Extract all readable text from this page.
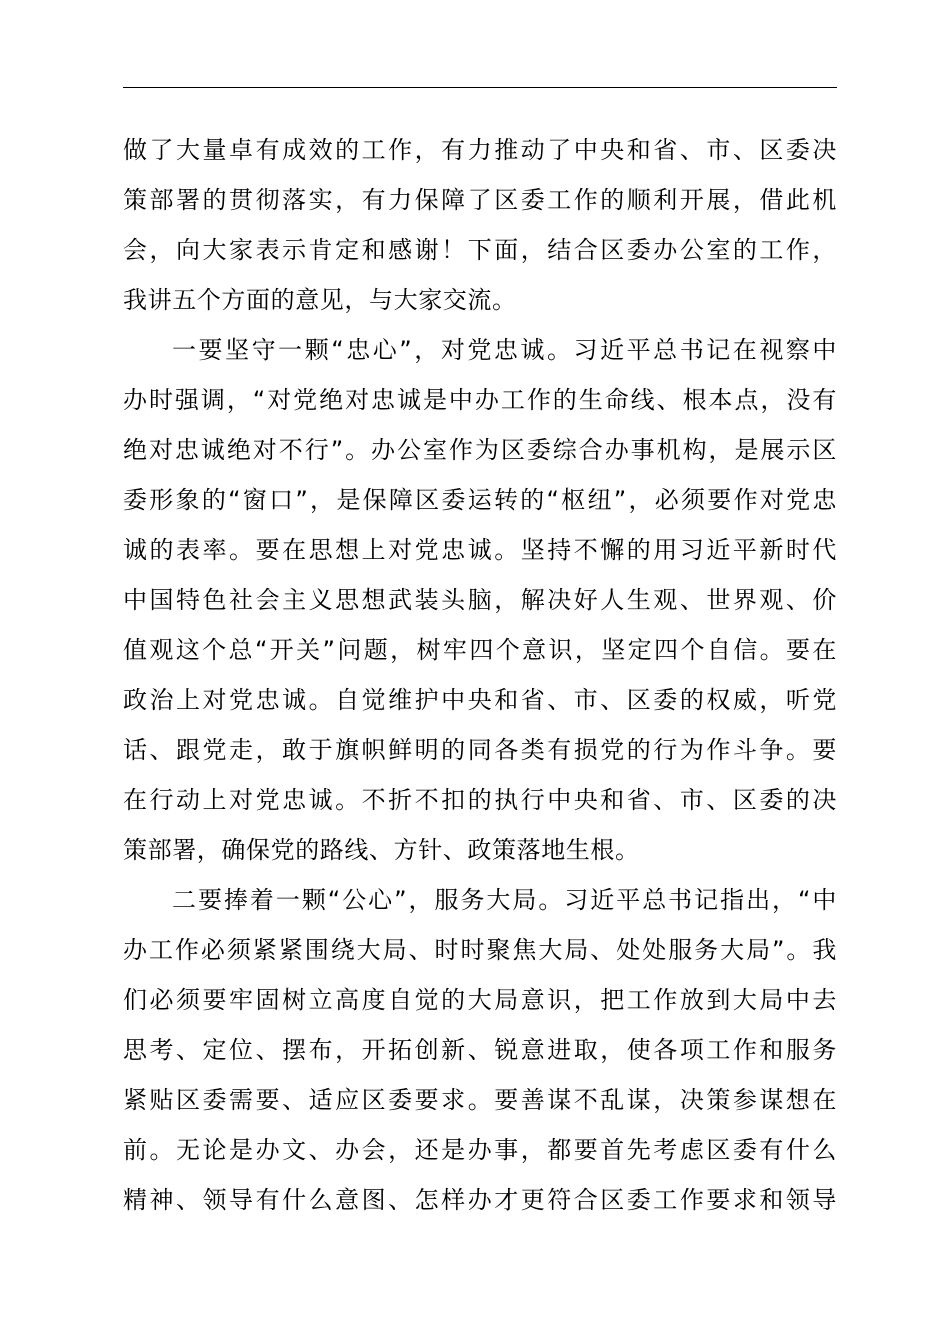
做了大量卓有成效的工作，有力推动了中央和省、市、区委决
策部署的贯彻落实，有力保障了区委工作的顺利开展，借此机
会，向大家表示肯定和感谢！下面，结合区委办公室的工作，
我讲五个方面的意见，与大家交流。
一要坚守一颗“忠心”，对党忠诚。习近平总书记在视察中
办时强调，“对党绝对忠诚是中办工作的生命线、根本点，没有
绝对忠诚绝对不行”。办公室作为区委综合办事机构，是展示区
委形象的“窗口”，是保障区委运转的“枢纽”，必须要作对党忠
诚的表率。要在思想上对党忠诚。坚持不懈的用习近平新时代
中国特色社会主义思想武装头脑，解决好人生观、世界观、价
值观这个总“开关”问题，树牢四个意识，坚定四个自信。要在
政治上对党忠诚。自觉维护中央和省、市、区委的权威，听党
话、跟党走，敢于旗帜鲜明的同各类有损党的行为作斗争。要
在行动上对党忠诚。不折不扣的执行中央和省、市、区委的决
策部署，确保党的路线、方针、政策落地生根。
二要捧着一颗“公心”，服务大局。习近平总书记指出，“中
办工作必须紧紧围绕大局、时时聚焦大局、处处服务大局”。我
们必须要牢固树立高度自觉的大局意识，把工作放到大局中去
思考、定位、摆布，开拓创新、锐意进取，使各项工作和服务
紧贴区委需要、适应区委要求。要善谋不乱谋，决策参谋想在
前。无论是办文、办会，还是办事，都要首先考虑区委有什么
精神、领导有什么意图、怎样办才更符合区委工作要求和领导
